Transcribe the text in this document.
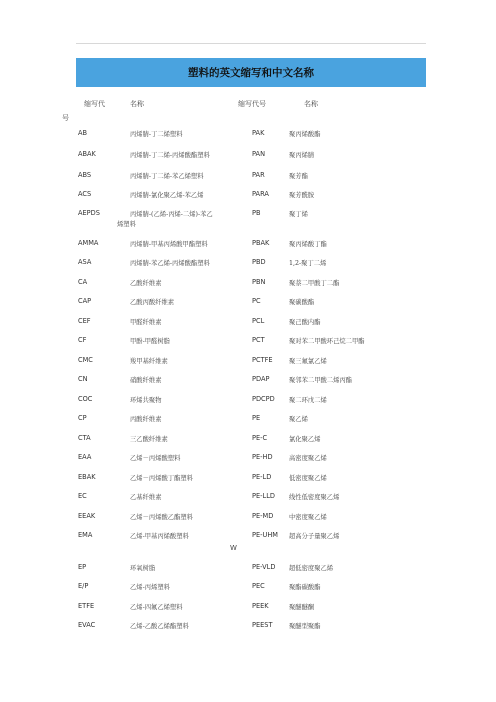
塑料的英文缩写和中文名称
缩写代
号
名称	缩写代号	名称
AB	丙烯腈-丁二烯塑料	PAK	聚丙烯酸酯
ABAK	丙烯腈-丁二烯-丙烯酸酯塑料	PAN	聚丙烯腈
ABS	丙烯腈-丁二烯-苯乙烯塑料	PAR	聚芳酯
ACS	丙烯腈-氯化聚乙烯-苯乙烯	PARA	聚芳酰胺
AEPDS	丙烯腈-(乙烯-丙烯-二烯)-苯乙	PB	聚丁烯
AMMA	丙烯腈-甲基丙烯酸甲酯塑料	PBAK	聚丙烯酸丁酯
ASA	丙烯腈-苯乙烯-丙烯酸酯塑料	PBD	1,2-聚丁二烯
CA	乙酸纤维素	PBN	聚萘二甲酸丁二酯
CAP	乙酸丙酸纤维素	PC	聚碳酸酯
CEF	甲醛纤维素	PCL	聚己酸内酯
CF	甲酚-甲醛树脂	PCT	聚对苯二甲酸环己烷二甲酯
CMC	羧甲基纤维素	PCTFE	聚三氟氯乙烯
CN	硝酸纤维素	PDAP	聚邻苯二甲酸二烯丙酯
COC	环烯共聚物	PDCPD 聚二环戊二烯
CP	丙酸纤维素	PE	聚乙烯
CTA	三乙酸纤维素	PE-C	氯化聚乙烯
EAA	乙烯－丙烯酸塑料	PE-HD	高密度聚乙烯
EBAK	乙烯－丙烯酸丁酯塑料	PE-LD	低密度聚乙烯
EC	乙基纤维素	PE-LLD 线性低密度聚乙烯
EEAK	乙烯－丙烯酸乙酯塑料	PE-MD 中密度聚乙烯
EMA	乙烯-甲基丙烯酸塑料	PE-UHM 超高分子量聚乙烯
EP	环氧树脂	PE-VLD 超低密度聚乙烯
E/P	乙烯-丙烯塑料	PEC	聚酯碳酸酯
ETFE	乙烯-四氟乙烯塑料	PEEK	聚醚醚酮
EVAC	乙烯-乙酸乙烯酯塑料	PEEST	聚醚型聚酯
烯塑料
W
